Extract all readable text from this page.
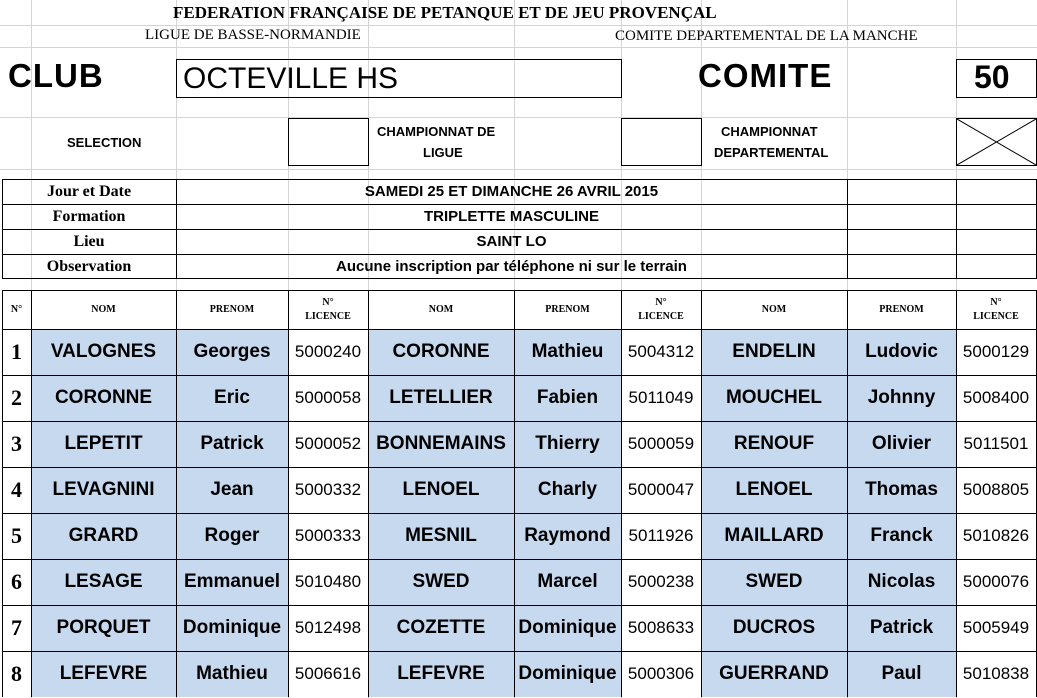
FEDERATION FRANÇAISE DE PETANQUE ET DE JEU PROVENÇAL
LIGUE DE BASSE-NORMANDIE	COMITE DEPARTEMENTAL DE LA MANCHE
CLUB	OCTEVILLE HS	COMITE	50
SELECTION
CHAMPIONNAT DE
LIGUE
CHAMPIONNAT
DEPARTEMENTAL
Jour et Date	SAMEDI 25 ET DIMANCHE 26 AVRIL 2015
Formation	TRIPLETTE MASCULINE
Lieu	SAINT LO
Observation	Aucune inscription par téléphone ni sur le terrain
N°	NOM	PRENOM
N°
LICENCE
NOM	PRENOM
N°
LICENCE
NOM	PRENOM
N°
LICENCE
1	VALOGNES	Georges	5000240	CORONNE	Mathieu	5004312	ENDELIN	Ludovic	5000129
2	CORONNE	Eric	5000058	LETELLIER	Fabien	5011049	MOUCHEL	Johnny	5008400
3	LEPETIT	Patrick	5000052 BONNEMAINS	Thierry	5000059	RENOUF	Olivier	5011501
4	LEVAGNINI	Jean	5000332	LENOEL	Charly	5000047	LENOEL	Thomas	5008805
5	GRARD	Roger	5000333	MESNIL	Raymond	5011926	MAILLARD	Franck	5010826
6	LESAGE	Emmanuel 5010480	SWED	Marcel	5000238	SWED	Nicolas	5000076
7	PORQUET	Dominique 5012498	COZETTE	Dominique 5008633	DUCROS	Patrick	5005949
8	LEFEVRE	Mathieu	5006616	LEFEVRE	Dominique 5000306	GUERRAND	Paul	5010838
